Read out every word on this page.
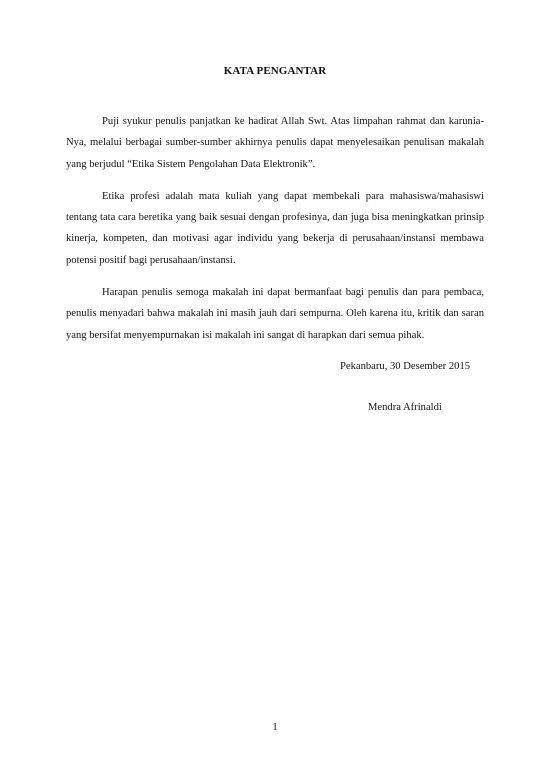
KATA PENGANTAR

Puji syukur penulis panjatkan ke hadirat Allah Swt. Atas limpahan rahmat dan karunia-Nya, melalui berbagai sumber-sumber akhirnya penulis dapat menyelesaikan penulisan makalah yang berjudul “Etika Sistem Pengolahan Data Elektronik”.

Etika profesi adalah mata kuliah yang dapat membekali para mahasiswa/mahasiswi tentang tata cara beretika yang baik sesuai dengan profesinya, dan juga bisa meningkatkan prinsip kinerja, kompeten, dan motivasi agar individu yang bekerja di perusahaan/instansi membawa potensi positif bagi perusahaan/instansi.

Harapan penulis semoga makalah ini dapat bermanfaat bagi penulis dan para pembaca, penulis menyadari bahwa makalah ini masih jauh dari sempurna. Oleh karena itu, kritik dan saran yang bersifat menyempurnakan isi makalah ini sangat di harapkan dari semua pihak.

Pekanbaru, 30 Desember 2015
Mendra Afrinaldi
1
